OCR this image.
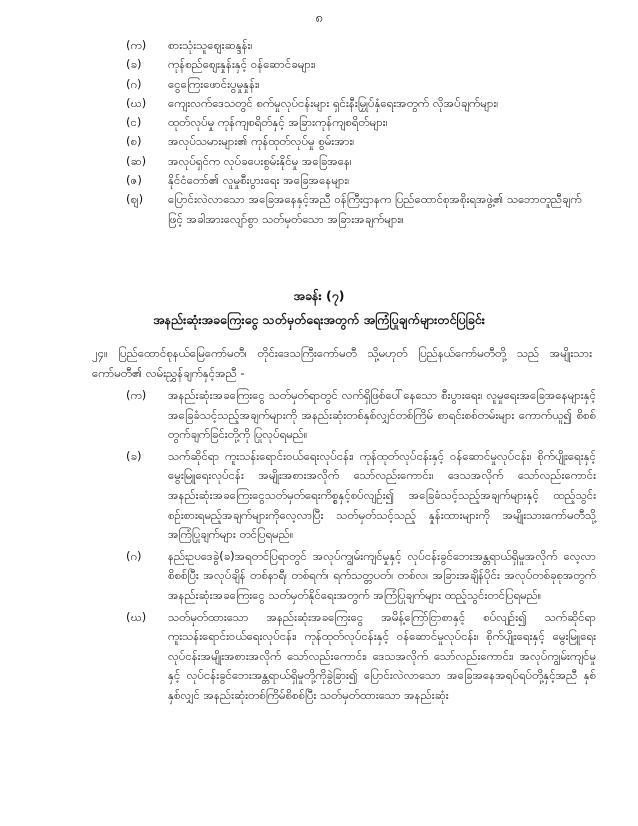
၈
(က)	စားသုံးသူဈေးဆန္ဒန်း၊
(ခ)	ကုန်စည်ဈေးနှုန်းနှင့် ဝန်ဆောင်ခများ၊
(ဂ)	ငွေကြေးဖောင်းပွမှုနှုန်း၊
(ဃ)	ကျေးလက်ဒေသတွင် စက်မှုလုပ်ငန်းများ ရှင်းနီးမြှုပ်နှံရေးအတွက် လိုအပ်ချက်များ၊
(င)	ထုတ်လုပ်မှု ကုန်ကျစရိတ်နှင့် အခြားကုန်ကျစရိတ်များ၊
(စ)	အလုပ်သမားများ၏ ကုန်ထုတ်လုပ်မှု စွမ်းအား၊
(ဆ)	အလုပ်ရှင်က လုပ်ခပေးစွမ်းနိုင်မှု အခြေအနေ၊
(ဇ)	နိုင်ငံတော်၏ လူမှုစီးပွားရေး အခြေအနေများ၊
(ဈ)	ပြောင်းလဲလာသော အခြေအနေနှင့်အညီ ဝန်ကြီးဌာနက ပြည်ထောင်စုအစိုးရအဖွဲ့၏ သဘောတူညီချက်ဖြင့် အခါအားလျော်စွာ သတ်မှတ်သော အခြားအချက်များ။
အခန်း (၇)
အနည်းဆုံးအခကြေးငွေ သတ်မှတ်ရေးအတွက် အကြံပြုချက်များတင်ပြခြင်း
၂၄။ ပြည်ထောင်စုနယ်မြေကော်မတီ၊ တိုင်းဒေသကြီးကော်မတီ သို့မဟုတ် ပြည်နယ်ကော်မတီတို့ သည် အမျိုးသားကော်မတီ၏ လမ်းညွှန်ချက်နှင့်အညီ -
(က)	အနည်းဆုံးအခကြေးငွေ သတ်မှတ်ရာတွင် လက်ရှိဖြစ်ပေါ်နေသော စီးပွားရေး၊ လူမှုရေးအခြေအနေများနှင့် အခြေခံသင့်သည့်အချက်များကို အနည်းဆုံးတစ်နှစ်လျှင်တစ်ကြိမ် စာရင်းစစ်တမ်းများ ကောက်ယူ၍ စိစစ်တွက်ချက်ခြင်းတို့ကို ပြုလုပ်ရမည်။
(ခ)	သက်ဆိုင်ရာ ကူးသန်းရောင်းဝယ်ရေးလုပ်ငန်း၊ ကုန်ထုတ်လုပ်ငန်းနှင့် ဝန်ဆောင်မှုလုပ်ငန်း၊ စိုက်ပျိုးရေးနှင့်မွေးမြူရေးလုပ်ငန်း အမျိုးအစားအလိုက် သော်လည်းကောင်း၊ ဒေသအလိုက် သော်လည်းကောင်း အနည်းဆုံးအခကြေးငွေသတ်မှတ်ရေးကိစ္စနှင့်စပ်လျဉ်း၍ အခြေခံသင့်သည့်အချက်များနှင့် ထည့်သွင်းစဉ်းစားရမည့်အချက်များကိုလေ့လာပြီး သတ်မှတ်သင့်သည့် နှုန်းထားများကို အမျိုးသားကော်မတီသို့ အကြံပြုချက်များ တင်ပြရမည်။
(ဂ)	နည်းဥပဒေခွဲ(ခ)အရတင်ပြရာတွင် အလုပ်ကျွမ်းကျင်မှုနှင့် လုပ်ငန်းခွင်ဘေးအန္တရာယ်ရှိမှုအလိုက် လေ့လာစိစစ်ပြီး အလုပ်ချိန် တစ်နာရီ၊ တစ်ရက်၊ ရက်သတ္တပတ်၊ တစ်လ၊ အခြားအချိန်ပိုင်း အလုပ်တစ်ခုစုအတွက် အနည်းဆုံးအခကြေးငွေ သတ်မှတ်နိုင်ရေးအတွက် အကြံပြုချက်များ ထည့်သွင်းတင်ပြရမည်။
(ဃ)	သတ်မှတ်ထားသော အနည်းဆုံးအခကြေးငွေ အမိန့်ကြော်ငြာစာနှင့် စပ်လျဉ်း၍ သက်ဆိုင်ရာ ကူးသန်းရောင်းဝယ်ရေးလုပ်ငန်း၊ ကုန်ထုတ်လုပ်ငန်းနှင့် ဝန်ဆောင်မှုလုပ်ငန်း၊ စိုက်ပျိုးရေးနှင့် မွေးမြူရေးလုပ်ငန်းအမျိုးအစားအလိုက် သော်လည်းကောင်း၊ ဒေသအလိုက် သော်လည်းကောင်း၊ အလုပ်ကျွမ်းကျင်မှုနှင့် လုပ်ငန်းခွင်ဘေးအန္တရာယ်ရှိမှုတို့ကိုခွဲခြား၍ ပြောင်းလဲလာသော အခြေအနေအရပ်ရပ်တို့နှင့်အညီ နှစ်နှစ်လျှင် အနည်းဆုံးတစ်ကြိမ်စိစစ်ပြီး သတ်မှတ်ထားသော အနည်းဆုံး
